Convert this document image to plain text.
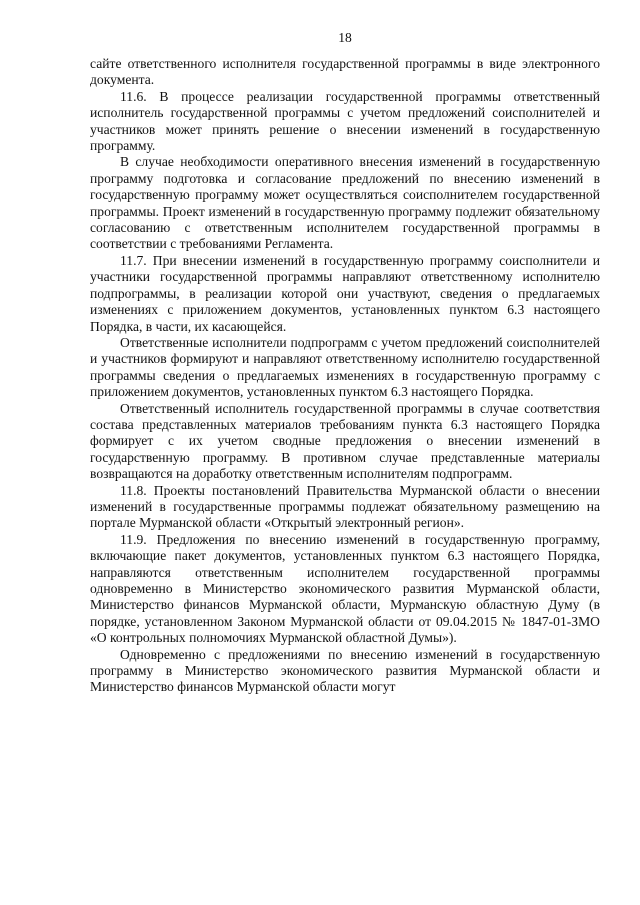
18

сайте ответственного исполнителя государственной программы в виде электронного документа.

11.6. В процессе реализации государственной программы ответственный исполнитель государственной программы с учетом предложений соисполнителей и участников может принять решение о внесении изменений в государственную программу.

В случае необходимости оперативного внесения изменений в государственную программу подготовка и согласование предложений по внесению изменений в государственную программу может осуществляться соисполнителем государственной программы. Проект изменений в государственную программу подлежит обязательному согласованию с ответственным исполнителем государственной программы в соответствии с требованиями Регламента.

11.7. При внесении изменений в государственную программу соисполнители и участники государственной программы направляют ответственному исполнителю подпрограммы, в реализации которой они участвуют, сведения о предлагаемых изменениях с приложением документов, установленных пунктом 6.3 настоящего Порядка, в части, их касающейся.

Ответственные исполнители подпрограмм с учетом предложений соисполнителей и участников формируют и направляют ответственному исполнителю государственной программы сведения о предлагаемых изменениях в государственную программу с приложением документов, установленных пунктом 6.3 настоящего Порядка.

Ответственный исполнитель государственной программы в случае соответствия состава представленных материалов требованиям пункта 6.3 настоящего Порядка формирует с их учетом сводные предложения о внесении изменений в государственную программу. В противном случае представленные материалы возвращаются на доработку ответственным исполнителям подпрограмм.

11.8. Проекты постановлений Правительства Мурманской области о внесении изменений в государственные программы подлежат обязательному размещению на портале Мурманской области «Открытый электронный регион».

11.9. Предложения по внесению изменений в государственную программу, включающие пакет документов, установленных пунктом 6.3 настоящего Порядка, направляются ответственным исполнителем государственной программы одновременно в Министерство экономического развития Мурманской области, Министерство финансов Мурманской области, Мурманскую областную Думу (в порядке, установленном Законом Мурманской области от 09.04.2015 № 1847-01-ЗМО «О контрольных полномочиях Мурманской областной Думы»).

Одновременно с предложениями по внесению изменений в государственную программу в Министерство экономического развития Мурманской области и Министерство финансов Мурманской области могут
